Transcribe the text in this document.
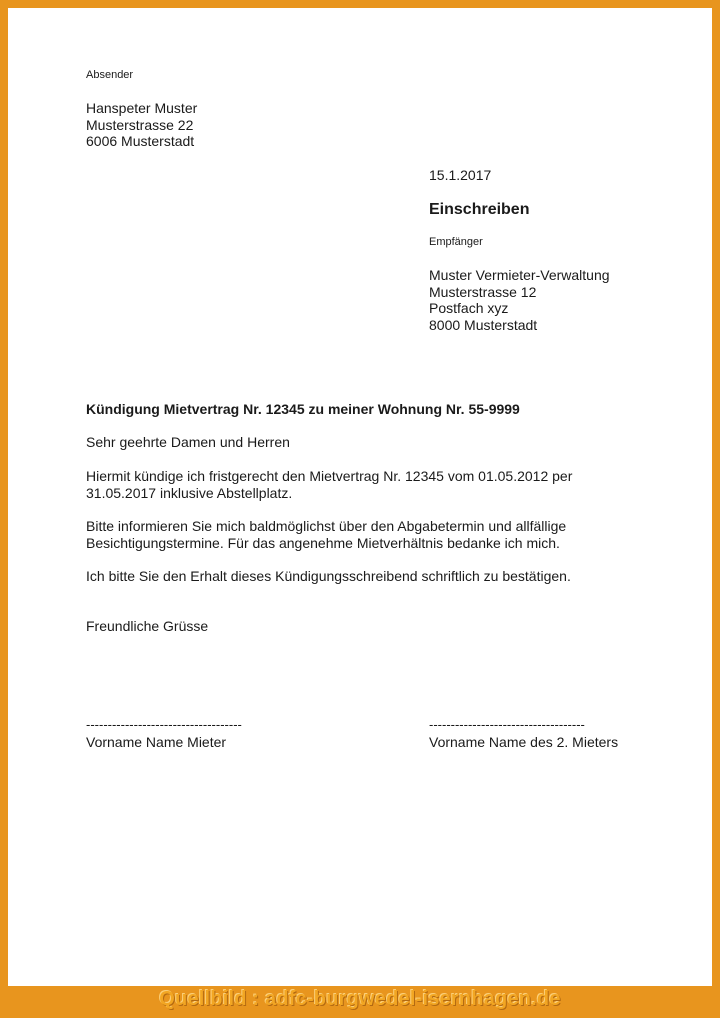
Absender
Hanspeter Muster
Musterstrasse 22
6006 Musterstadt
15.1.2017
Einschreiben
Empfänger
Muster Vermieter-Verwaltung
Musterstrasse 12
Postfach xyz
8000 Musterstadt
Kündigung Mietvertrag Nr. 12345 zu meiner Wohnung Nr. 55-9999
Sehr geehrte Damen und Herren
Hiermit kündige ich fristgerecht den Mietvertrag Nr. 12345 vom 01.05.2012 per
31.05.2017 inklusive Abstellplatz.
Bitte informieren Sie mich baldmöglichst über den Abgabetermin und allfällige
Besichtigungstermine. Für das angenehme Mietverhältnis bedanke ich mich.
Ich bitte Sie den Erhalt dieses Kündigungsschreibend schriftlich zu bestätigen.
Freundliche Grüsse
------------------------------------
Vorname Name Mieter
------------------------------------
Vorname Name des 2. Mieters
Quellbild : adfc-burgwedel-isernhagen.de
